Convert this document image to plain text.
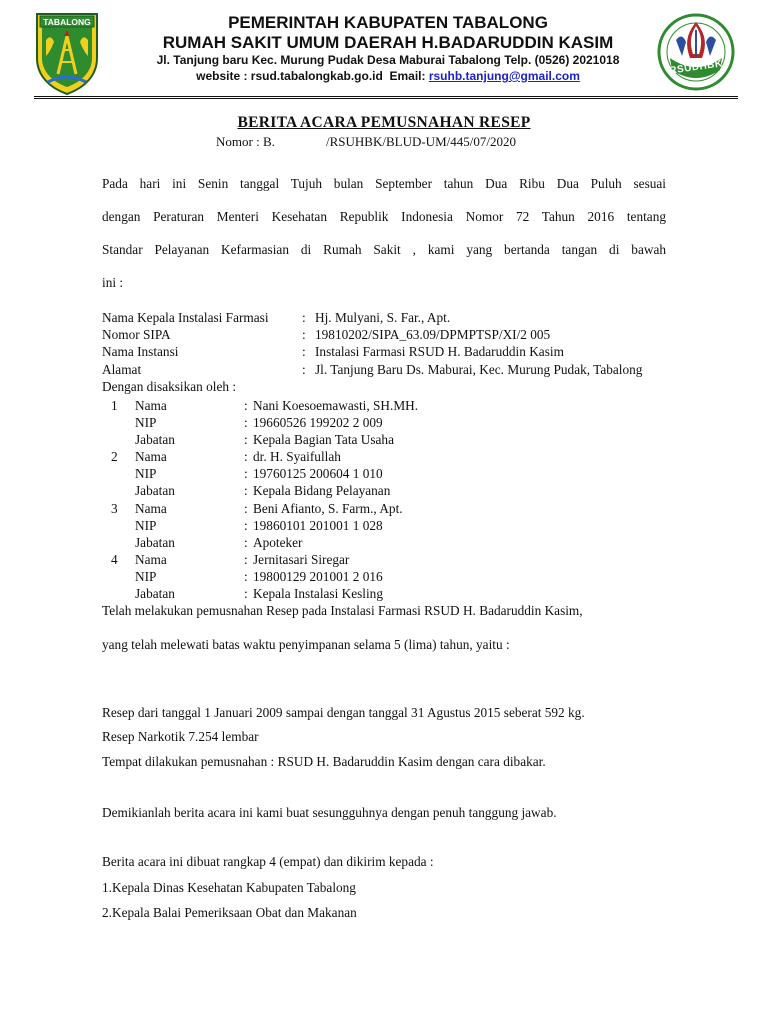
TABALONG	PEMERINTAH KABUPATEN TABALONG
RUMAH SAKIT UMUM DAERAH H.BADARUDDIN KASIM
Jl. Tanjung baru Kec. Murung Pudak Desa Maburai Tabalong Telp. (0526) 2021018
website : rsud.tabalongkab.go.id  Email: rsuhb.tanjung@gmail.com	RSUDHBK
BERITA ACARA PEMUSNAHAN RESEP
Nomor : B.	/RSUHBK/BLUD-UM/445/07/2020
Pada hari ini Senin tanggal Tujuh bulan September tahun Dua Ribu Dua Puluh sesuai
dengan Peraturan Menteri Kesehatan Republik Indonesia Nomor 72 Tahun 2016 tentang
Standar Pelayanan Kefarmasian di Rumah Sakit , kami yang bertanda tangan di bawah
ini :
Nama Kepala Instalasi Farmasi	: Hj. Mulyani, S. Far., Apt.
Nomor SIPA	: 19810202/SIPA_63.09/DPMPTSP/XI/2 005
Nama Instansi	: Instalasi Farmasi RSUD H. Badaruddin Kasim
Alamat	: Jl. Tanjung Baru Ds. Maburai, Kec. Murung Pudak, Tabalong
Dengan disaksikan oleh :
1 Nama	: Nani Koesoemawasti, SH.MH.
NIP	: 19660526 199202 2 009
Jabatan	: Kepala Bagian Tata Usaha
2 Nama	: dr. H. Syaifullah
NIP	: 19760125 200604 1 010
Jabatan	: Kepala Bidang Pelayanan
3 Nama	: Beni Afianto, S. Farm., Apt.
NIP	: 19860101 201001 1 028
Jabatan	: Apoteker
4 Nama	: Jernitasari Siregar
NIP	: 19800129 201001 2 016
Jabatan	: Kepala Instalasi Kesling
Telah melakukan pemusnahan Resep pada Instalasi Farmasi RSUD H. Badaruddin Kasim,
yang telah melewati batas waktu penyimpanan selama 5 (lima) tahun, yaitu :
Resep dari tanggal 1 Januari 2009 sampai dengan tanggal 31 Agustus 2015 seberat 592 kg.
Resep Narkotik 7.254 lembar
Tempat dilakukan pemusnahan : RSUD H. Badaruddin Kasim dengan cara dibakar.
Demikianlah berita acara ini kami buat sesungguhnya dengan penuh tanggung jawab.
Berita acara ini dibuat rangkap 4 (empat) dan dikirim kepada :
1.Kepala Dinas Kesehatan Kabupaten Tabalong
2.Kepala Balai Pemeriksaan Obat dan Makanan
